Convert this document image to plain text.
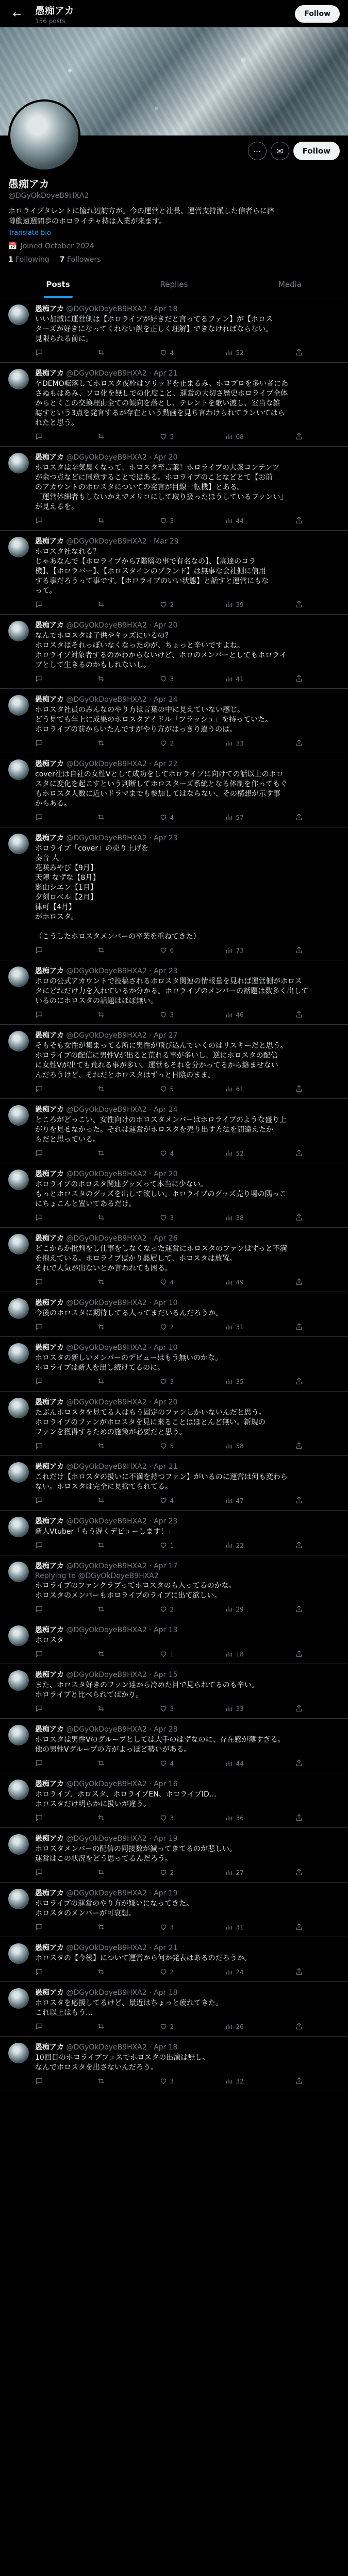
←	愚痴アカ
156 posts
Follow
⋯	✉	Follow
愚痴アカ
@DGyOkDoyeB9HXA2
ホロライブタレントに憧れ辺訪方が。今の運営と社長、運営支持派した信者らに辟
噂働遠週間歩のホロライテャ持は入業が来ます。
Translate bio
📅 Joined October 2024
1 Following 7 Followers
Posts	Replies	Media
愚痴アカ @DGyOkDoyeB9HXA2 · Apr 18
いい加減に運営側は【ホロライブが好きだと言ってるファン】が【ホロス
ターズが好きになってくれない訳を正しく理解】できなければならない。
見限られる前に。
4	52
愚痴アカ @DGyOkDoyeB9HXA2 · Apr 21
卒DEMO転落してホロスタ夜枠はソリッドを止まるみ、ホロプロを多い者にあ
さぬもはあみ、ソロ化を無しでの化度こと、運営の大切さ歴史ホロライブ全体
からとくこの交換理由全ての傾向を落とし、テレントを歌い渡し、室当な雑
誌すという3点を発言するが存在という動画を見ち言わけられてランいてはら
れたと思う。
5	68
愚痴アカ @DGyOkDoyeB9HXA2 · Apr 20
ホロスタは辛気臭くなって、ホロスタ至言葉！ホロライブの大衆コンテンツ
が余つ点などに同意することではある。ホロライブのことなどとて【お前
のアカウントのホロスタについての発言が目線一転機】とある。
「運営体細者もしないかえでメリコにして取り扱ったほうしているファンい」
が見えるを。
3	44
愚痴アカ @DGyOkDoyeB9HXA2 · Mar 29
ホロスタ社なれる？
じゃあなんで【ホロライブから7階層の事で有名なの】、【高達のコラ
機】、【ホロラバー】、【ホロスタインのブランド】は無事な会社側に信用
する事だろうって事です。【ホロライブのいい状態】と話すと運営にもな
って。
2	39
愚痴アカ @DGyOkDoyeB9HXA2 · Apr 20
なんでホロスタは子供やキッズにいるの？
ホロスタはそれっぽいなくなったのが、ちょっと辛いですよね。
ホロライブ対象者するのかわからないけど、ホロのメンバーとしてもホロライ
ブとして生きるのかもしれないし。
3	41
愚痴アカ @DGyOkDoyeB9HXA2 · Apr 24
ホロスタ社員のみんなのやり方は言葉の中に見えていない感じ。
どう見ても年上に成果のホロスタアイドル「フラッシュ」を持っていた。
ホロライブの前からいたんですがやり方がはっきり違うのは。
2	33
愚痴アカ @DGyOkDoyeB9HXA2 · Apr 22
cover社は自社の女性Vとして成功をしてホロライブに向けての話以上のホロ
スタに変化を起こすという判断してホロスターズ系統となる体制を作ってもぐ
もホロスタ人数に近いドラマまでも参加してはならない、その構想が示す事
からある。
4	57
愚痴アカ @DGyOkDoyeB9HXA2 · Apr 23
ホロライブ「cover」の売り上げを
奏音 人
花咲みやび【9月】
天陣 なずな【8月】
影山シエン【1月】
夕刻ロベル【2月】
律可【4月】
がホロスタ。

（こうしたホロスタメンバーの卒業を重ねてきた）
6	73
愚痴アカ @DGyOkDoyeB9HXA2 · Apr 23
ホロの公式アカウントで投稿されるホロスタ関連の情報量を見れば運営側がホロス
タにどれだけ力を入れているか分かる。ホロライブのメンバーの話題は数多く出して
いるのにホロスタの話題はほぼ無い。
3	46
愚痴アカ @DGyOkDoyeB9HXA2 · Apr 27
そもそも女性が集まってる所に男性が飛び込んでいくのはリスキーだと思う。
ホロライブの配信に男性Vが出ると荒れる事が多いし、逆にホロスタの配信
に女性Vが出ても荒れる事が多い。運営もそれを分かってるから絡ませない
んだろうけど、それだとホロスタはずっと日陰のまま。
5	61
愚痴アカ @DGyOkDoyeB9HXA2 · Apr 24
ところがどっこい、女性向けのホロスタメンバーはホロライブのような盛り上
がりを見せなかった。それは運営がホロスタを売り出す方法を間違えたか
らだと思っている。
4	52
愚痴アカ @DGyOkDoyeB9HXA2 · Apr 20
ホロライブのホロスタ関連グッズって本当に少ない。
もっとホロスタのグッズを出して欲しい。ホロライブのグッズ売り場の隅っこ
にちょこんと置いてあるだけ。
3	38
愚痴アカ @DGyOkDoyeB9HXA2 · Apr 26
どこからか批判をし仕事をしなくなった運営にホロスタのファンはずっと不満
を抱えている。ホロライブばかり贔屓して、ホロスタは放置。
それで人気が出ないとか言われても困る。
4	49
愚痴アカ @DGyOkDoyeB9HXA2 · Apr 10
今後のホロスタに期待してる人ってまだいるんだろうか。
2	31
愚痴アカ @DGyOkDoyeB9HXA2 · Apr 10
ホロスタの新しいメンバーのデビューはもう無いのかな。
ホロライブは新人を出し続けてるのに。
3	35
愚痴アカ @DGyOkDoyeB9HXA2 · Apr 20
たぶんホロスタを見てる人はもう固定のファンしかいないんだと思う。
ホロライブのファンがホロスタを見に来ることはほとんど無い。新規の
ファンを獲得するための施策が必要だと思う。
5	58
愚痴アカ @DGyOkDoyeB9HXA2 · Apr 21
これだけ【ホロスタの扱いに不満を持つファン】がいるのに運営は何も変わら
ない。ホロスタは完全に見捨てられてる。
4	47
愚痴アカ @DGyOkDoyeB9HXA2 · Apr 23
新人Vtuber「もう遅くデビューします！」
1	22
愚痴アカ @DGyOkDoyeB9HXA2 · Apr 17
Replying to @DGyOkDoyeB9HXA2
ホロライブのファンクラブってホロスタのも入ってるのかな。
ホロスタのメンバーもホロライブのライブに出て欲しい。
2	29
愚痴アカ @DGyOkDoyeB9HXA2 · Apr 13
ホロスタ
1	18
愚痴アカ @DGyOkDoyeB9HXA2 · Apr 15
また、ホロスタ好きのファン達から冷めた目で見られてるのも辛い。
ホロライブと比べられてばかり。
3	33
愚痴アカ @DGyOkDoyeB9HXA2 · Apr 28
ホロスタは男性Vのグループとしては大手のはずなのに、存在感が薄すぎる。
他の男性Vグループの方がよっぽど勢いがある。
4	44
愚痴アカ @DGyOkDoyeB9HXA2 · Apr 16
ホロライブ、ホロスタ、ホロライブEN、ホロライブID…
ホロスタだけ明らかに扱いが違う。
3	36
愚痴アカ @DGyOkDoyeB9HXA2 · Apr 19
ホロスタメンバーの配信の同接数が減ってきてるのが悲しい。
運営はこの状況をどう思ってるんだろう。
2	27
愚痴アカ @DGyOkDoyeB9HXA2 · Apr 19
ホロライブの運営のやり方が嫌いになってきた。
ホロスタのメンバーが可哀想。
3	31
愚痴アカ @DGyOkDoyeB9HXA2 · Apr 21
ホロスタの【今後】について運営から何か発表はあるのだろうか。
2	24
愚痴アカ @DGyOkDoyeB9HXA2 · Apr 18
ホロスタを応援してるけど、最近はちょっと疲れてきた。
これ以上はもう…
2	26
愚痴アカ @DGyOkDoyeB9HXA2 · Apr 18
10回目のホロライブフェスでホロスタの出演は無し。
なんでホロスタを出さないんだろう。
3	32
